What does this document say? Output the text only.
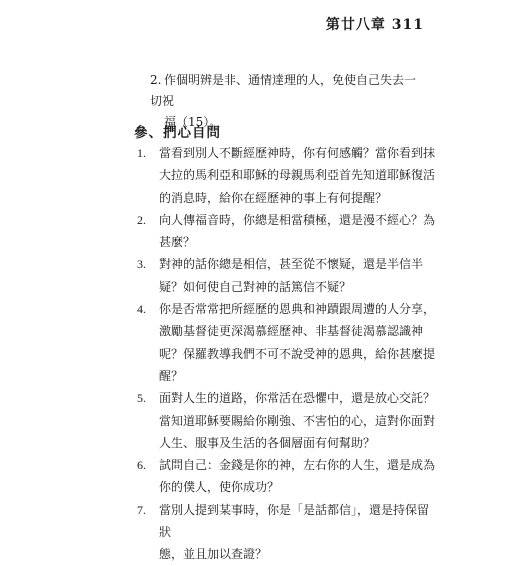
第廿八章 311
2. 作個明辨是非、通情達理的人，免使自己失去一切祝
福（15）。
參、捫心自問
1.	當看到別人不斷經歷神時，你有何感觸？當你看到抹
大拉的馬利亞和耶穌的母親馬利亞首先知道耶穌復活
的消息時，給你在經歷神的事上有何提醒？
2.	向人傳福音時，你總是相當積極，還是漫不經心？為
甚麼？
3.	對神的話你總是相信，甚至從不懷疑，還是半信半
疑？如何使自己對神的話篤信不疑？
4.	你是否常常把所經歷的恩典和神蹟跟周遭的人分享，
激勵基督徒更深渴慕經歷神、非基督徒渴慕認識神
呢？保羅教導我們不可不說受神的恩典，給你甚麼提
醒？
5.	面對人生的道路，你常活在恐懼中，還是放心交託？
當知道耶穌要賜給你剛強、不害怕的心，這對你面對
人生、服事及生活的各個層面有何幫助？
6.	試問自己：金錢是你的神，左右你的人生，還是成為
你的僕人，使你成功？
7.	當別人提到某事時，你是「是話都信」，還是持保留狀
態，並且加以查證？
